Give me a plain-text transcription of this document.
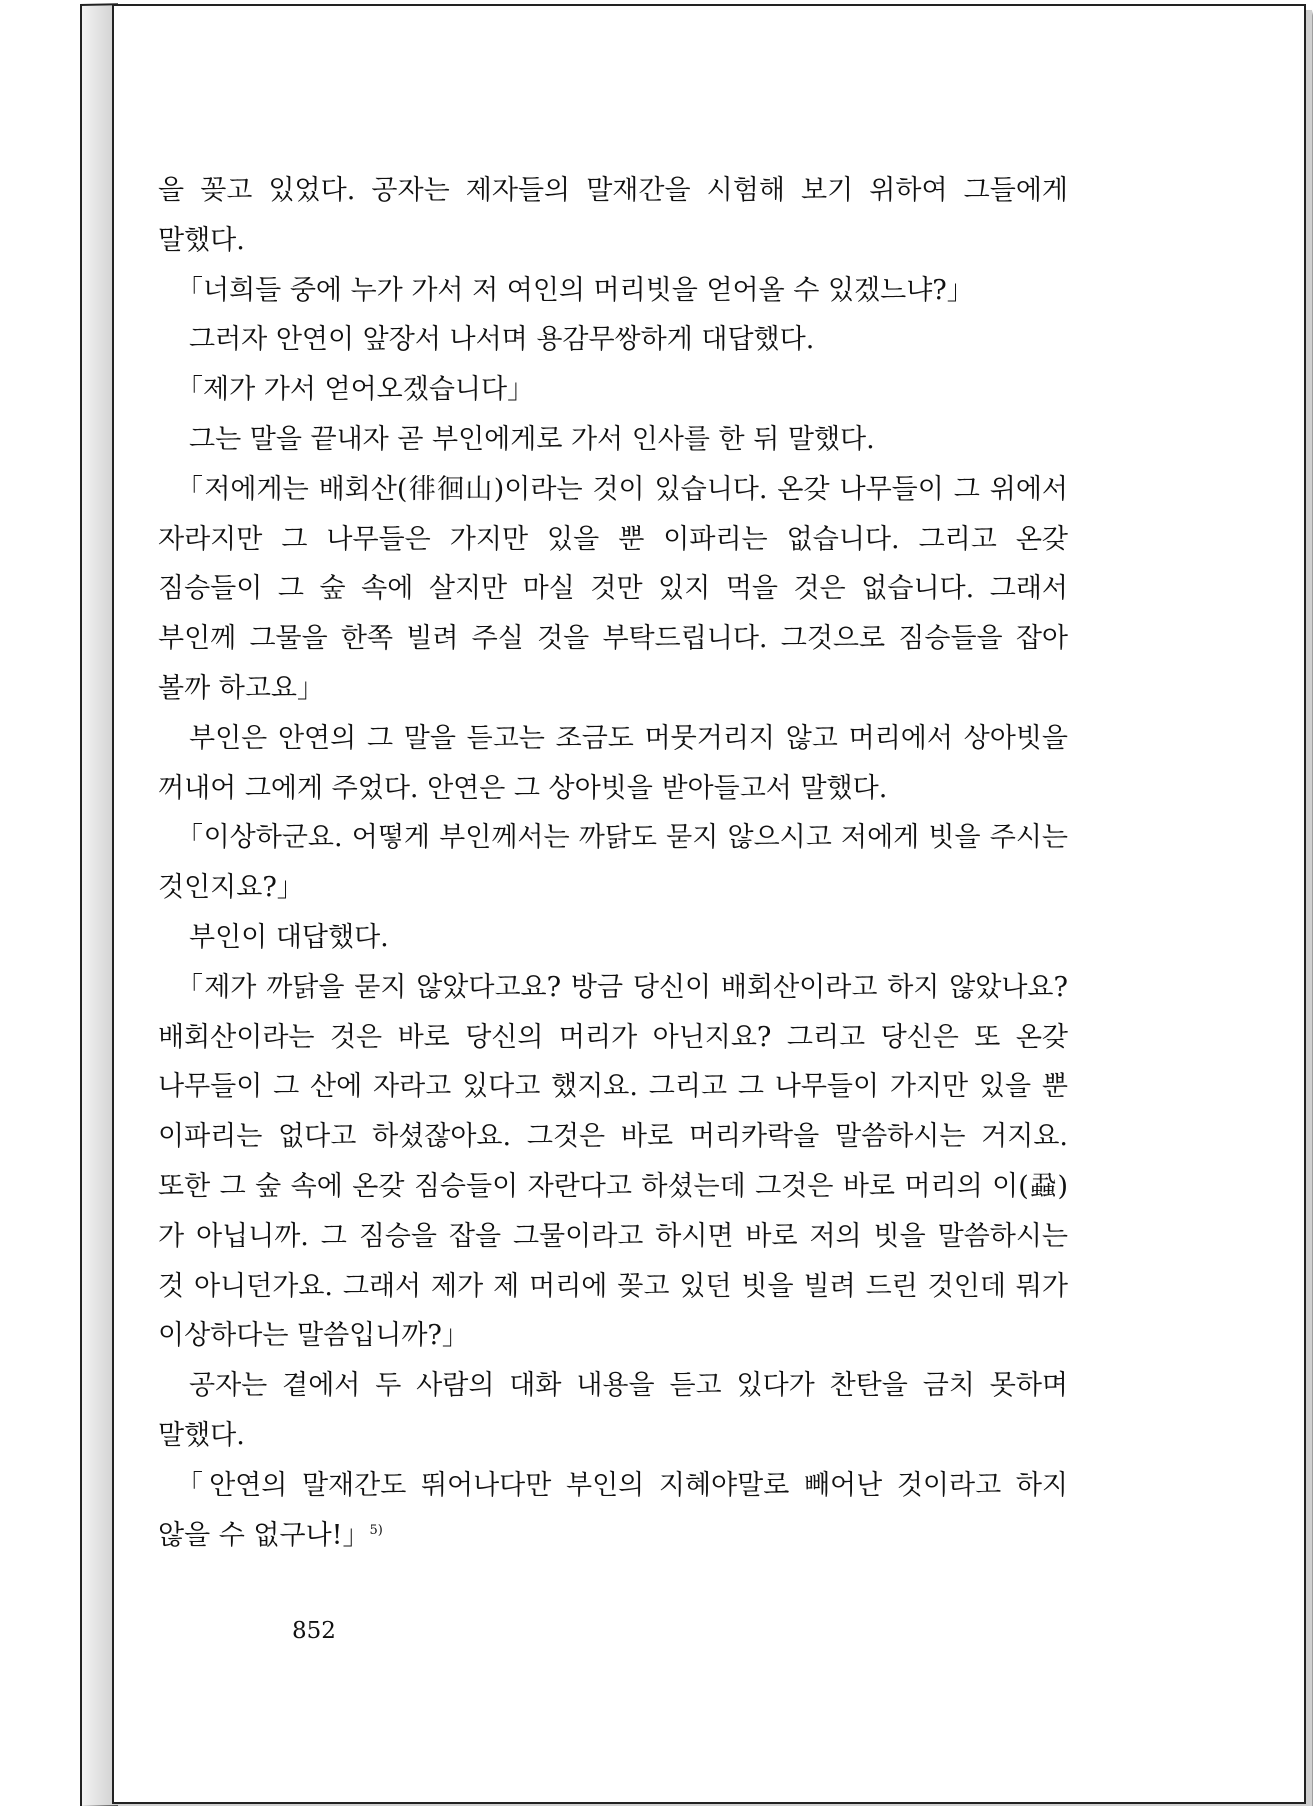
을 꽂고 있었다. 공자는 제자들의 말재간을 시험해 보기 위하여 그들에게 말했다.

「너희들 중에 누가 가서 저 여인의 머리빗을 얻어올 수 있겠느냐?」

그러자 안연이 앞장서 나서며 용감무쌍하게 대답했다.

「제가 가서 얻어오겠습니다」

그는 말을 끝내자 곧 부인에게로 가서 인사를 한 뒤 말했다.

「저에게는 배회산(徘徊山)이라는 것이 있습니다. 온갖 나무들이 그 위에서 자라지만 그 나무들은 가지만 있을 뿐 이파리는 없습니다. 그리고 온갖 짐승들이 그 숲 속에 살지만 마실 것만 있지 먹을 것은 없습니다. 그래서 부인께 그물을 한쪽 빌려 주실 것을 부탁드립니다. 그것으로 짐승들을 잡아 볼까 하고요」

부인은 안연의 그 말을 듣고는 조금도 머뭇거리지 않고 머리에서 상아빗을 꺼내어 그에게 주었다. 안연은 그 상아빗을 받아들고서 말했다.

「이상하군요. 어떻게 부인께서는 까닭도 묻지 않으시고 저에게 빗을 주시는 것인지요?」

부인이 대답했다.

「제가 까닭을 묻지 않았다고요? 방금 당신이 배회산이라고 하지 않았나요? 배회산이라는 것은 바로 당신의 머리가 아닌지요? 그리고 당신은 또 온갖 나무들이 그 산에 자라고 있다고 했지요. 그리고 그 나무들이 가지만 있을 뿐 이파리는 없다고 하셨잖아요. 그것은 바로 머리카락을 말씀하시는 거지요. 또한 그 숲 속에 온갖 짐승들이 자란다고 하셨는데 그것은 바로 머리의 이(蝨)가 아닙니까. 그 짐승을 잡을 그물이라고 하시면 바로 저의 빗을 말씀하시는 것 아니던가요. 그래서 제가 제 머리에 꽂고 있던 빗을 빌려 드린 것인데 뭐가 이상하다는 말씀입니까?」

공자는 곁에서 두 사람의 대화 내용을 듣고 있다가 찬탄을 금치 못하며 말했다.

「안연의 말재간도 뛰어나다만 부인의 지혜야말로 빼어난 것이라고 하지 않을 수 없구나!」$^{5)}$

852
